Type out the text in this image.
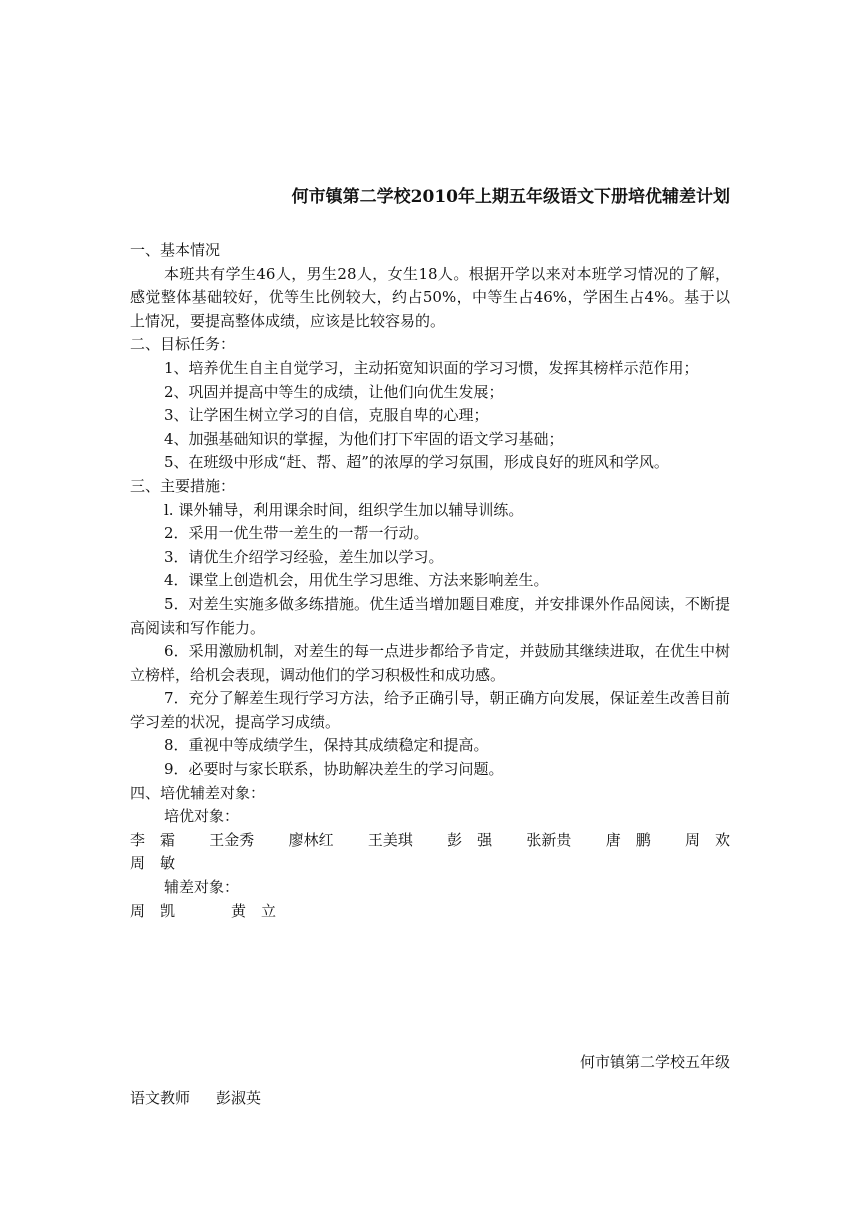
何市镇第二学校2010年上期五年级语文下册培优辅差计划

一、基本情况

本班共有学生46人，男生28人，女生18人。根据开学以来对本班学习情况的了解，感觉整体基础较好，优等生比例较大，约占50%，中等生占46%，学困生占4%。基于以上情况，要提高整体成绩，应该是比较容易的。

二、目标任务：

1、培养优生自主自觉学习，主动拓宽知识面的学习习惯，发挥其榜样示范作用；

2、巩固并提高中等生的成绩，让他们向优生发展；

3、让学困生树立学习的自信，克服自卑的心理；

4、加强基础知识的掌握，为他们打下牢固的语文学习基础；

5、在班级中形成“赶、帮、超”的浓厚的学习氛围，形成良好的班风和学风。

三、主要措施：

l. 课外辅导，利用课余时间，组织学生加以辅导训练。

2．采用一优生带一差生的一帮一行动。

3．请优生介绍学习经验，差生加以学习。

4．课堂上创造机会，用优生学习思维、方法来影响差生。

5．对差生实施多做多练措施。优生适当增加题目难度，并安排课外作品阅读，不断提高阅读和写作能力。

6．采用激励机制，对差生的每一点进步都给予肯定，并鼓励其继续进取，在优生中树立榜样，给机会表现，调动他们的学习积极性和成功感。

7．充分了解差生现行学习方法，给予正确引导，朝正确方向发展，保证差生改善目前学习差的状况，提高学习成绩。

8．重视中等成绩学生，保持其成绩稳定和提高。

9．必要时与家长联系，协助解决差生的学习问题。

四、培优辅差对象：

培优对象：

李　霜 王金秀 廖林红 王美琪 彭　强 张新贵 唐　鹏 周　欢
周　敏

辅差对象：

周　凯	黄　立
何市镇第二学校五年级
语文教师 彭淑英
